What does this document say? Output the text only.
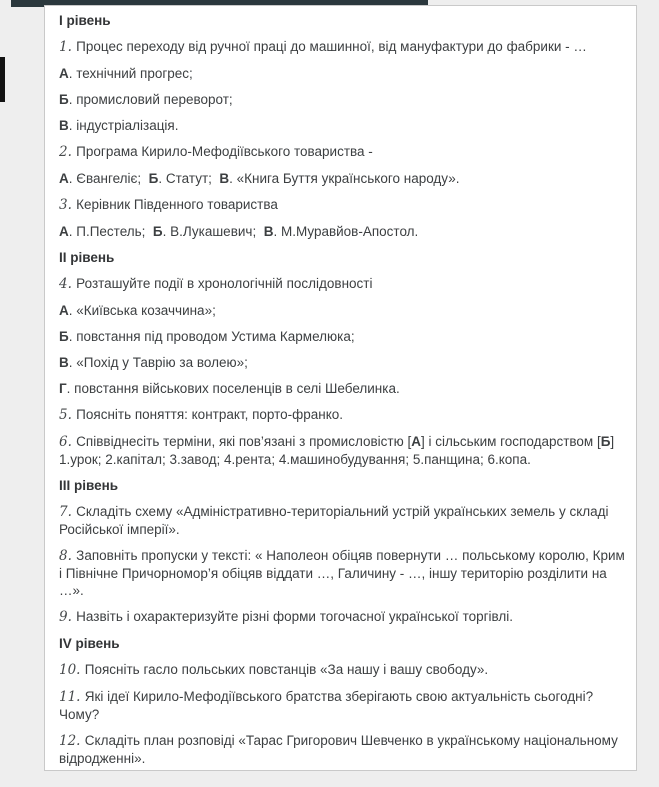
І рівень

1. Процес переходу від ручної праці до машинної, від мануфактури до фабрики - …

А. технічний прогрес;

Б. промисловий переворот;

В. індустріалізація.

2. Програма Кирило-Мефодіївського товариства -

А. Євангеліє;  Б. Статут;  В. «Книга Буття українського народу».

3. Керівник Південного товариства

А. П.Пестель;  Б. В.Лукашевич;  В. М.Муравйов-Апостол.

ІІ рівень

4. Розташуйте події в хронологічній послідовності

А. «Київська козаччина»;

Б. повстання під проводом Устима Кармелюка;

В. «Похід у Таврію за волею»;

Г. повстання військових поселенців в селі Шебелинка.

5. Поясніть поняття: контракт, порто-франко.

6. Співвіднесіть терміни, які пов’язані з промисловістю [А] і сільським господарством [Б] 1.урок; 2.капітал; 3.завод; 4.рента; 4.машинобудування; 5.панщина; 6.копа.

ІІІ рівень

7. Складіть схему «Адміністративно-територіальний устрій українських земель у складі Російської імперії».

8. Заповніть пропуски у тексті: « Наполеон обіцяв повернути … польському королю, Крим і Північне Причорномор’я обіцяв віддати …, Галичину - …, іншу територію розділити на …».

9. Назвіть і охарактеризуйте різні форми тогочасної української торгівлі.

ІV рівень

10. Поясніть гасло польських повстанців «За нашу і вашу свободу».

11. Які ідеї Кирило-Мефодіївського братства зберігають свою актуальність сьогодні? Чому?

12. Складіть план розповіді «Тарас Григорович Шевченко в українському національному відродженні».
